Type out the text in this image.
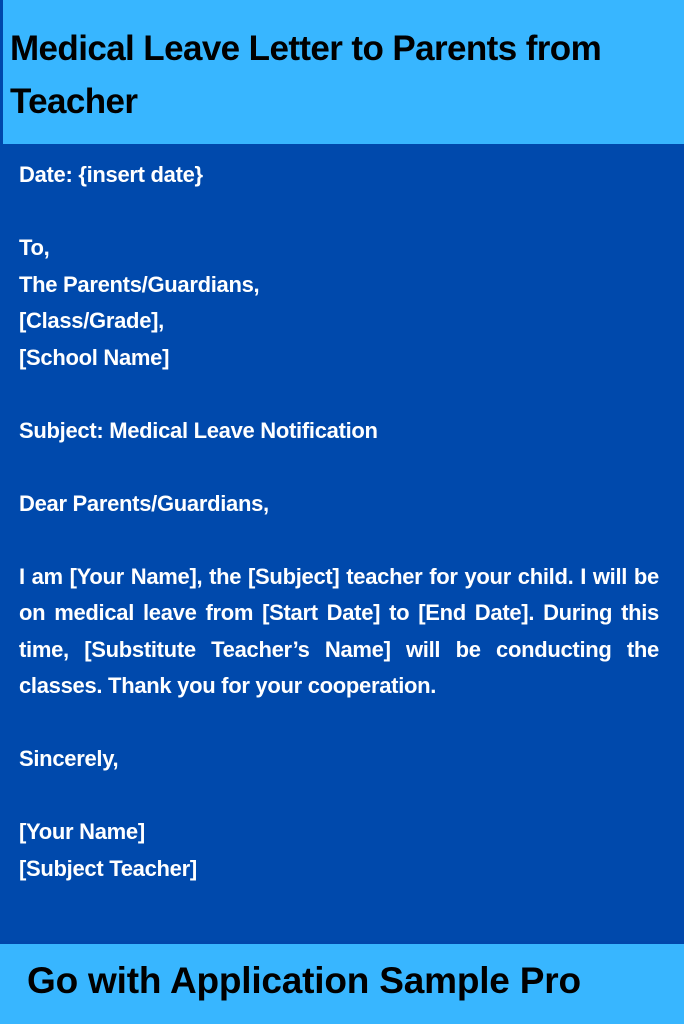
Medical Leave Letter to Parents from Teacher

Date: {insert date}

To,
The Parents/Guardians,
[Class/Grade],
[School Name]

Subject: Medical Leave Notification

Dear Parents/Guardians,

I am [Your Name], the [Subject] teacher for your child. I will be on medical leave from [Start Date] to [End Date]. During this time, [Substitute Teacher’s Name] will be conducting the classes. Thank you for your cooperation.

Sincerely,

[Your Name]
[Subject Teacher]

Go with Application Sample Pro
